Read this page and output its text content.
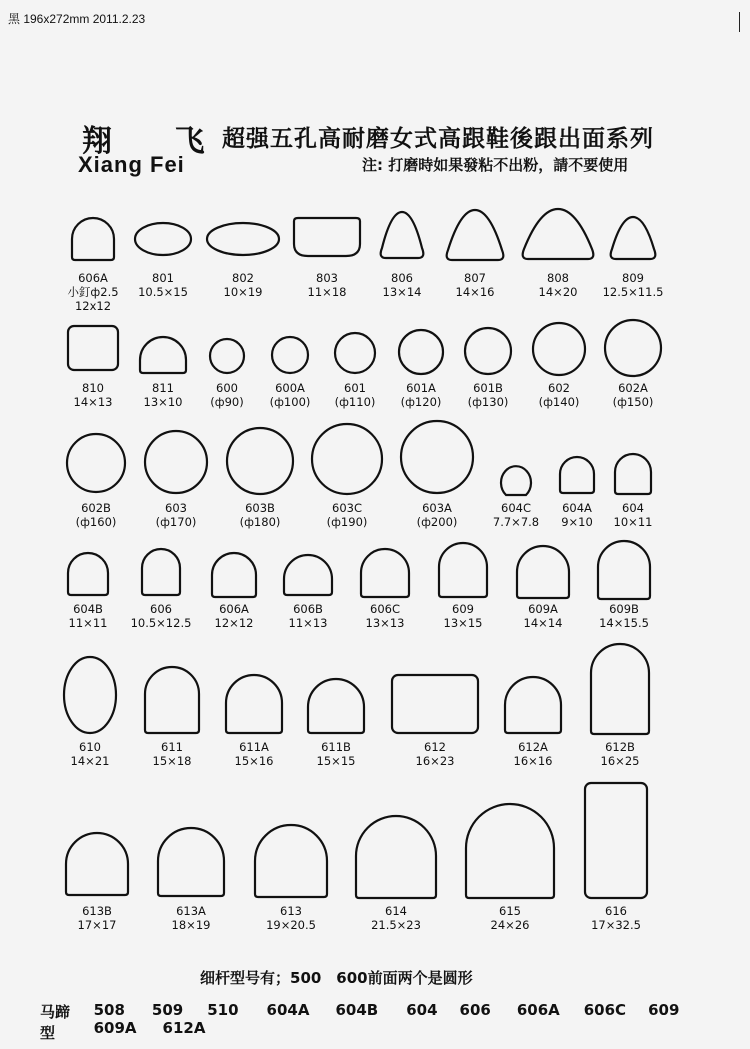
黑 196x272mm 2011.2.23
翔 飞
Xiang Fei
超强五孔高耐磨女式高跟鞋後跟出面系列
注: 打磨時如果發粘不出粉，請不要使用
606A
小釘ф2.5
12x12
801
10.5×15
802
10×19
803
11×18
806
13×14
807
14×16
808
14×20
809
12.5×11.5
810
14×13
811
13×10
600
(ф90)
600A
(ф100)
601
(ф110)
601A
(ф120)
601B
(ф130)
602
(ф140)
602A
(ф150)
602B
(ф160)
603
(ф170)
603B
(ф180)
603C
(ф190)
603A
(ф200)
604C
7.7×7.8
604A
9×10
604
10×11
604B
11×11
606
10.5×12.5
606A
12×12
606B
11×13
606C
13×13
609
13×15
609A
14×14
609B
14×15.5
610
14×21
611
15×18
611A
15×16
611B
15×15
612
16×23
612A
16×16
612B
16×25
613B
17×17
613A
18×19
613
19×20.5
614
21.5×23
615
24×26
616
17×32.5
细杆型号有；500　600前面两个是圆形
马蹄型
508 509 510 604A 604B 604 606 606A 606C 609609A 612A
